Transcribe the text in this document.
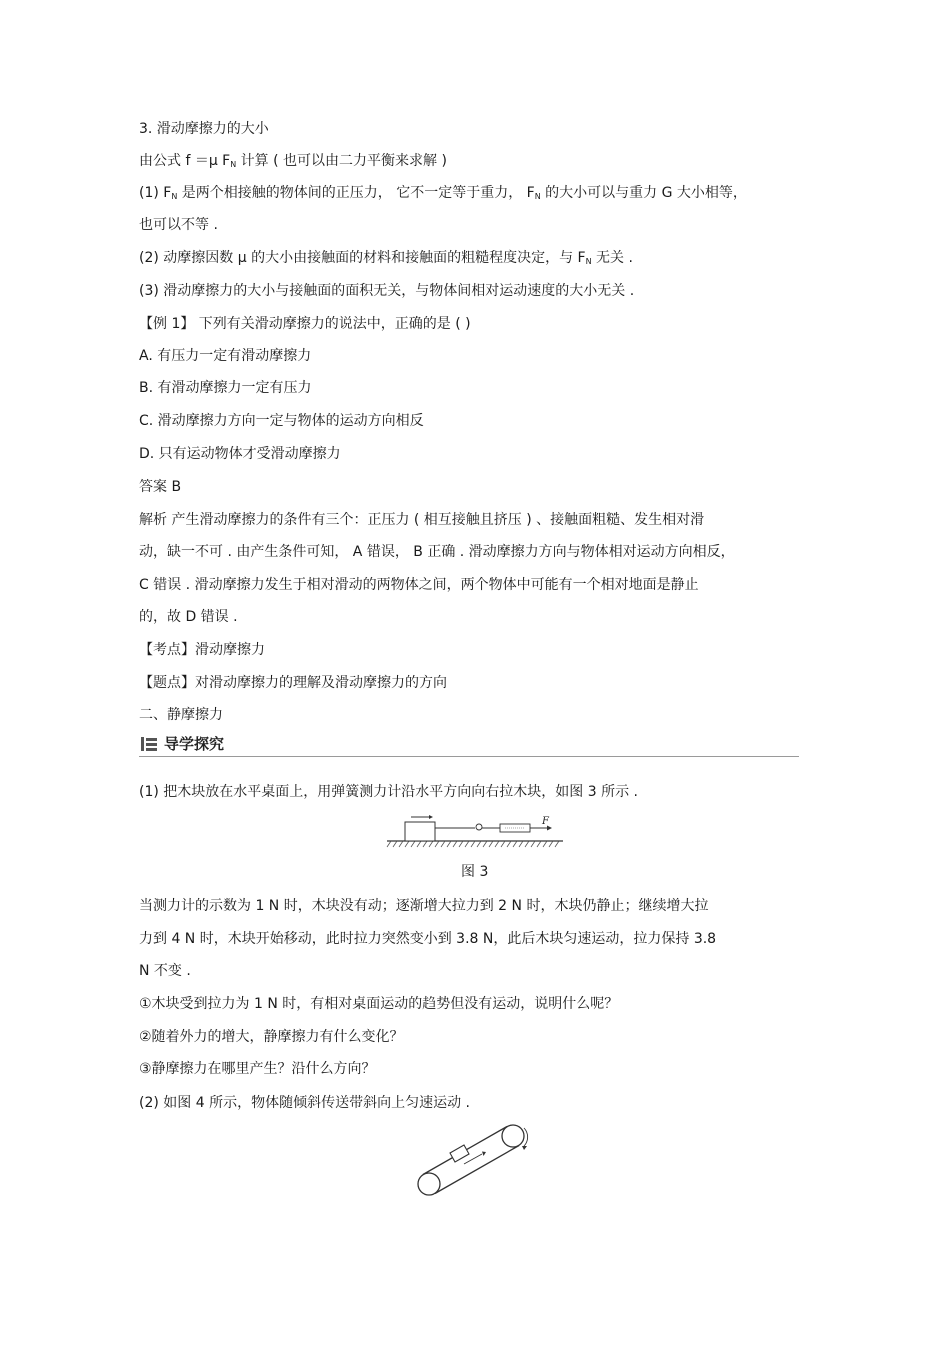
3. 滑动摩擦力的大小
由公式 f ＝μ $F_N$ 计算 ( 也可以由二力平衡来求解 )
(1) $F_N$ 是两个相接触的物体间的正压力， 它不一定等于重力， $F_N$ 的大小可以与重力 G 大小相等，
也可以不等 .
(2) 动摩擦因数 μ 的大小由接触面的材料和接触面的粗糙程度决定，与 $F_N$ 无关 .
(3) 滑动摩擦力的大小与接触面的面积无关，与物体间相对运动速度的大小无关 .
【例 1】 下列有关滑动摩擦力的说法中，正确的是 ( )
A. 有压力一定有滑动摩擦力
B. 有滑动摩擦力一定有压力
C. 滑动摩擦力方向一定与物体的运动方向相反
D. 只有运动物体才受滑动摩擦力
答案 B
解析 产生滑动摩擦力的条件有三个：正压力 ( 相互接触且挤压 ) 、接触面粗糙、发生相对滑
动，缺一不可 . 由产生条件可知， A 错误， B 正确 . 滑动摩擦力方向与物体相对运动方向相反，
C 错误 . 滑动摩擦力发生于相对滑动的两物体之间，两个物体中可能有一个相对地面是静止
的，故 D 错误 .
【考点】滑动摩擦力
【题点】对滑动摩擦力的理解及滑动摩擦力的方向
二、静摩擦力
导学探究
(1) 把木块放在水平桌面上，用弹簧测力计沿水平方向向右拉木块，如图 3 所示 .
F
图 3
当测力计的示数为 1 N 时，木块没有动；逐渐增大拉力到 2 N 时，木块仍静止；继续增大拉
力到 4 N 时，木块开始移动，此时拉力突然变小到 3.8 N，此后木块匀速运动，拉力保持 3.8
N 不变 .
①木块受到拉力为 1 N 时，有相对桌面运动的趋势但没有运动，说明什么呢？
②随着外力的增大，静摩擦力有什么变化？
③静摩擦力在哪里产生？沿什么方向？
(2) 如图 4 所示，物体随倾斜传送带斜向上匀速运动 .
